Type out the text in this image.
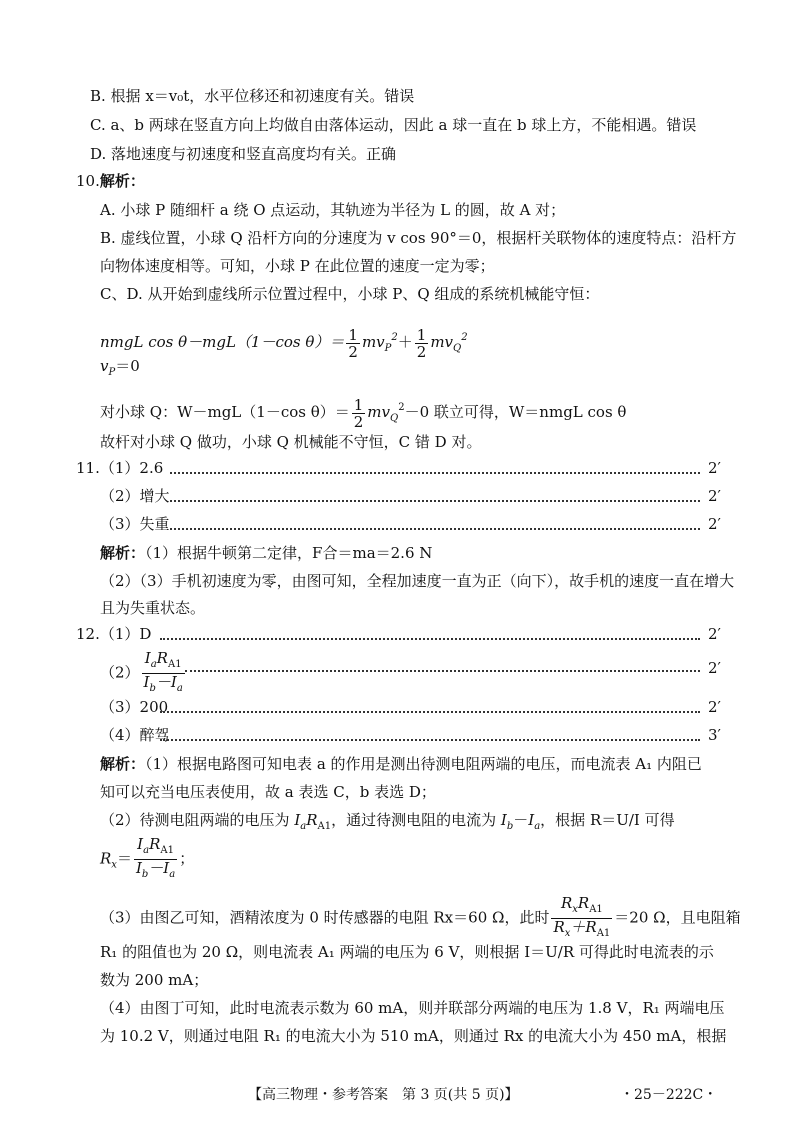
B. 根据 x＝v₀t，水平位移还和初速度有关。错误
C. a、b 两球在竖直方向上均做自由落体运动，因此 a 球一直在 b 球上方，不能相遇。错误
D. 落地速度与初速度和竖直高度均有关。正确
10.解析：
A. 小球 P 随细杆 a 绕 O 点运动，其轨迹为半径为 L 的圆，故 A 对；
B. 虚线位置，小球 Q 沿杆方向的分速度为 v cos 90°＝0，根据杆关联物体的速度特点：沿杆方
向物体速度相等。可知，小球 P 在此位置的速度一定为零；
C、D. 从开始到虚线所示位置过程中，小球 P、Q 组成的系统机械能守恒：
nmgL cos θ－mgL（1－cos $\theta)= \frac{1}{2} mv_P^2+ \frac{1}{2} mv_Q^2$
$v_P=0$
对小球 Q：W－mgL（1－cos $\theta)= \frac{1}{2} mv_Q^2-0$ 联立可得，W＝nmgL cos θ
故杆对小球 Q 做功，小球 Q 机械能不守恒，C 错 D 对。
11.（1）2.6	2′
（2）增大	2′
（3）失重	2′
解析：（1）根据牛顿第二定律，F合＝ma＝2.6 N
（2）（3）手机初速度为零，由图可知，全程加速度一直为正（向下），故手机的速度一直在增大
且为失重状态。
12.（1）D	2′
$(2) \frac{I_aR_{A1}}{I_b-I_a}$	2′
（3）200	2′
（4）醉驾	3′
解析：（1）根据电路图可知电表 a 的作用是测出待测电阻两端的电压，而电流表 A₁ 内阻已
知可以充当电压表使用，故 a 表选 C，b 表选 D；
（2）待测电阻两端的电压为 $I_aR_{A1}$，通过待测电阻的电流为 $I_b-I_a$，根据 R＝U/I 可得
$R_x= \frac{I_aR_{A1}}{I_b-I_a}$ ；
（3）由图乙可知，酒精浓度为 0 时传感器的电阻 Rx＝60 Ω，此时 $\frac{R_xR_{A1}}{R_x+R_{A1}} =20$ Ω，且电阻箱
R₁ 的阻值也为 20 Ω，则电流表 A₁ 两端的电压为 6 V，则根据 I＝U/R 可得此时电流表的示
数为 200 mA；
（4）由图丁可知，此时电流表示数为 60 mA，则并联部分两端的电压为 1.8 V，R₁ 两端电压
为 10.2 V，则通过电阻 R₁ 的电流大小为 510 mA，则通过 Rx 的电流大小为 450 mA，根据
【高三物理・参考答案　第 3 页(共 5 页)】	・25－222C・
